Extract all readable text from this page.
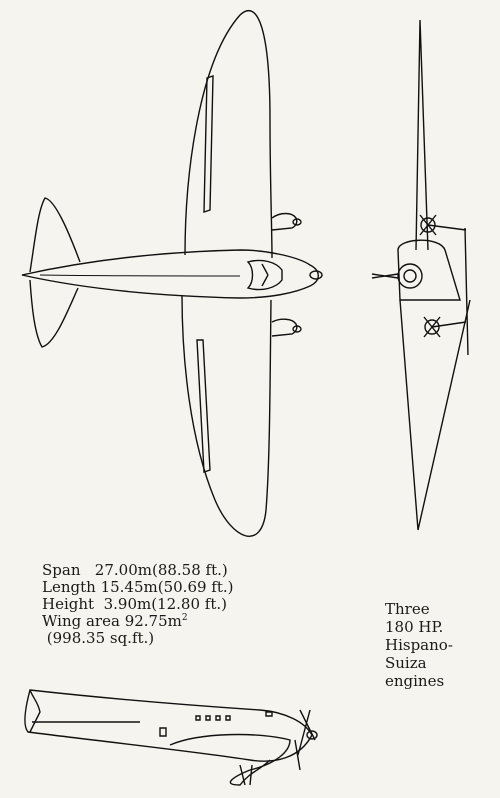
Span 27.00m(88.58 ft.)
Length 15.45m(50.69 ft.)
Height  3.90m(12.80 ft.)
Wing area $92.75m^2$
(998.35 sq.ft.)
Three
180 HP.
Hispano-
Suiza
engines
